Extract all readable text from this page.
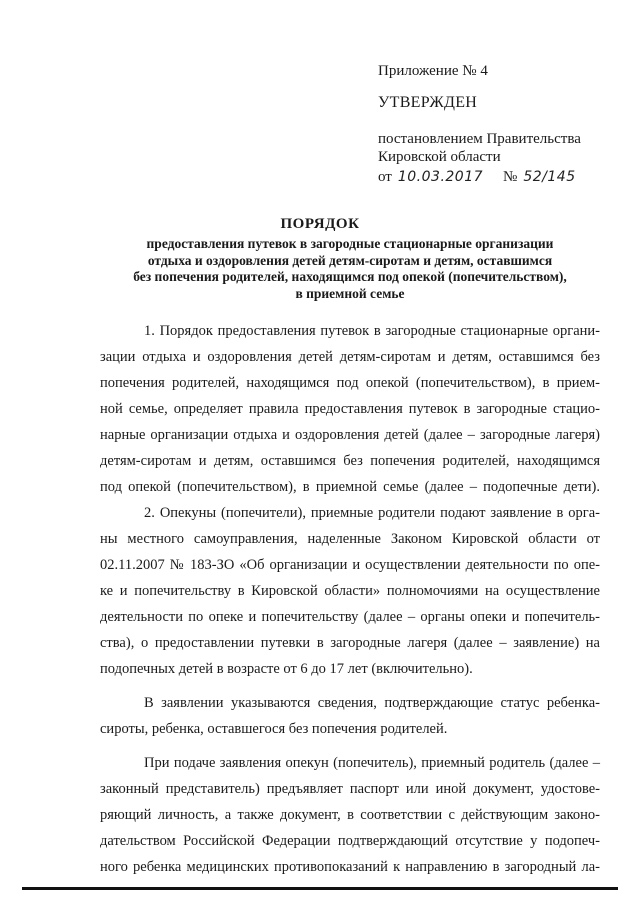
Приложение № 4
УТВЕРЖДЕН
постановлением Правительства
Кировской области
от 10.03.2017 № 52/145
ПОРЯДОК
предоставления путевок в загородные стационарные организации
отдыха и оздоровления детей детям-сиротам и детям, оставшимся
без попечения родителей, находящимся под опекой (попечительством),
в приемной семье
1. Порядок предоставления путевок в загородные стационарные органи-
зации отдыха и оздоровления детей детям-сиротам и детям, оставшимся без
попечения родителей, находящимся под опекой (попечительством), в прием-
ной семье, определяет правила предоставления путевок в загородные стацио-
нарные организации отдыха и оздоровления детей (далее – загородные лагеря)
детям-сиротам и детям, оставшимся без попечения родителей, находящимся
под опекой (попечительством), в приемной семье (далее – подопечные дети).
2. Опекуны (попечители), приемные родители подают заявление в орга-
ны местного самоуправления, наделенные Законом Кировской области от
02.11.2007 № 183-ЗО «Об организации и осуществлении деятельности по опе-
ке и попечительству в Кировской области» полномочиями на осуществление
деятельности по опеке и попечительству (далее – органы опеки и попечитель-
ства), о предоставлении путевки в загородные лагеря (далее – заявление) на
подопечных детей в возрасте от 6 до 17 лет (включительно).
В заявлении указываются сведения, подтверждающие статус ребенка-
сироты, ребенка, оставшегося без попечения родителей.
При подаче заявления опекун (попечитель), приемный родитель (далее –
законный представитель) предъявляет паспорт или иной документ, удостове-
ряющий личность, а также документ, в соответствии с действующим законо-
дательством Российской Федерации подтверждающий отсутствие у подопеч-
ного ребенка медицинских противопоказаний к направлению в загородный ла-
